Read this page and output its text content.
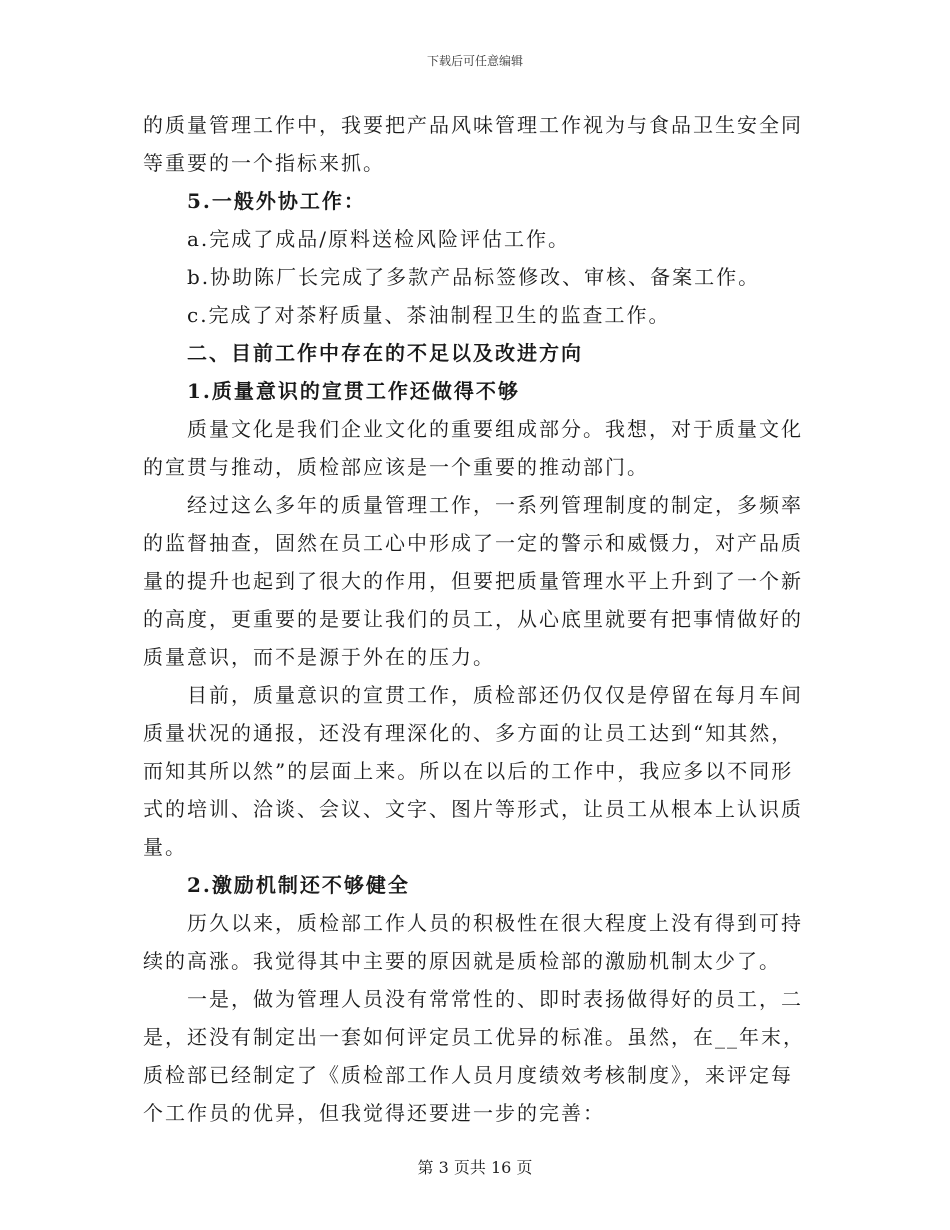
下载后可任意编辑
的质量管理工作中，我要把产品风味管理工作视为与食品卫生安全同
等重要的一个指标来抓。
5.一般外协工作：
a.完成了成品/原料送检风险评估工作。
b.协助陈厂长完成了多款产品标签修改、审核、备案工作。
c.完成了对茶籽质量、茶油制程卫生的监查工作。
二、目前工作中存在的不足以及改进方向
1.质量意识的宣贯工作还做得不够
质量文化是我们企业文化的重要组成部分。我想，对于质量文化
的宣贯与推动，质检部应该是一个重要的推动部门。
经过这么多年的质量管理工作，一系列管理制度的制定，多频率
的监督抽查，固然在员工心中形成了一定的警示和威慑力，对产品质
量的提升也起到了很大的作用，但要把质量管理水平上升到了一个新
的高度，更重要的是要让我们的员工，从心底里就要有把事情做好的
质量意识，而不是源于外在的压力。
目前，质量意识的宣贯工作，质检部还仍仅仅是停留在每月车间
质量状况的通报，还没有理深化的、多方面的让员工达到“知其然，
而知其所以然”的层面上来。所以在以后的工作中，我应多以不同形
式的培训、洽谈、会议、文字、图片等形式，让员工从根本上认识质
量。
2.激励机制还不够健全
历久以来，质检部工作人员的积极性在很大程度上没有得到可持
续的高涨。我觉得其中主要的原因就是质检部的激励机制太少了。
一是，做为管理人员没有常常性的、即时表扬做得好的员工，二
是，还没有制定出一套如何评定员工优异的标准。虽然，在__年末，
质检部已经制定了《质检部工作人员月度绩效考核制度》，来评定每
个工作员的优异，但我觉得还要进一步的完善：
第 3 页共 16 页
